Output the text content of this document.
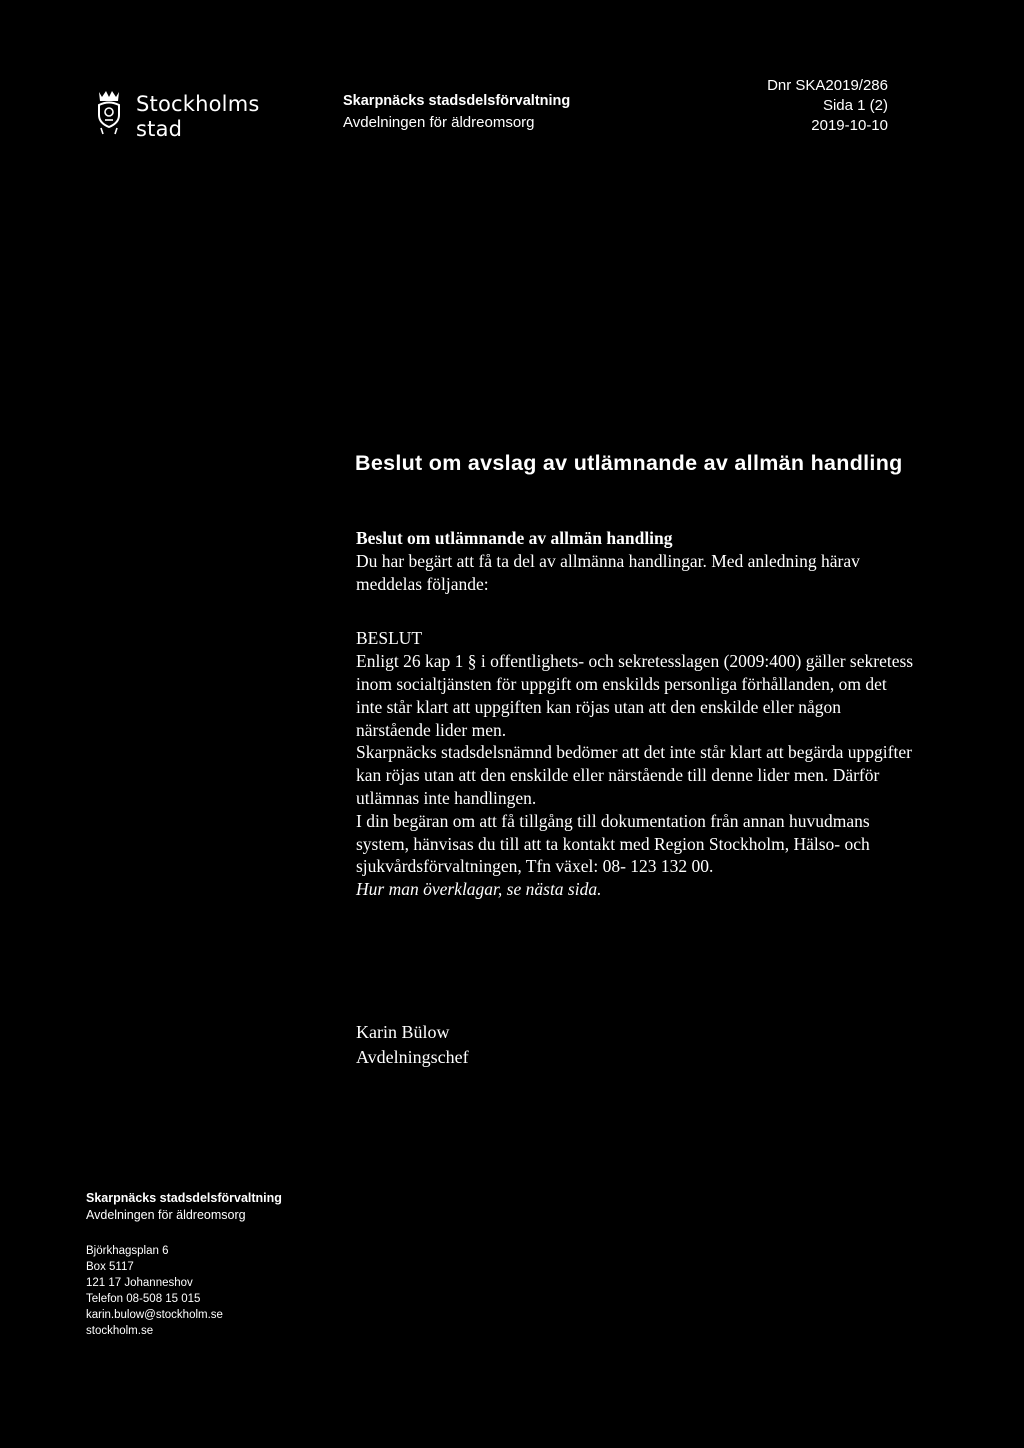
Stockholms
stad
Skarpnäcks stadsdelsförvaltning
Avdelningen för äldreomsorg
Dnr SKA2019/286
Sida 1 (2)
2019-10-10
Beslut om avslag av utlämnande av allmän handling

Beslut om utlämnande av allmän handling

Du har begärt att få ta del av allmänna handlingar. Med anledning härav meddelas följande:

BESLUT

Enligt 26 kap 1 § i offentlighets- och sekretesslagen (2009:400) gäller sekretess inom socialtjänsten för uppgift om enskilds personliga förhållanden, om det inte står klart att uppgiften kan röjas utan att den enskilde eller någon närstående lider men.

Skarpnäcks stadsdelsnämnd bedömer att det inte står klart att begärda uppgifter kan röjas utan att den enskilde eller närstående till denne lider men. Därför utlämnas inte handlingen.

I din begäran om att få tillgång till dokumentation från annan huvudmans system, hänvisas du till att ta kontakt med Region Stockholm, Hälso- och sjukvårdsförvaltningen, Tfn växel: 08- 123 132 00.

Hur man överklagar, se nästa sida.

Karin Bülow
Avdelningschef
Skarpnäcks stadsdelsförvaltning
Avdelningen för äldreomsorg
Björkhagsplan 6
Box 5117
121 17 Johanneshov
Telefon 08-508 15 015
karin.bulow@stockholm.se
stockholm.se
